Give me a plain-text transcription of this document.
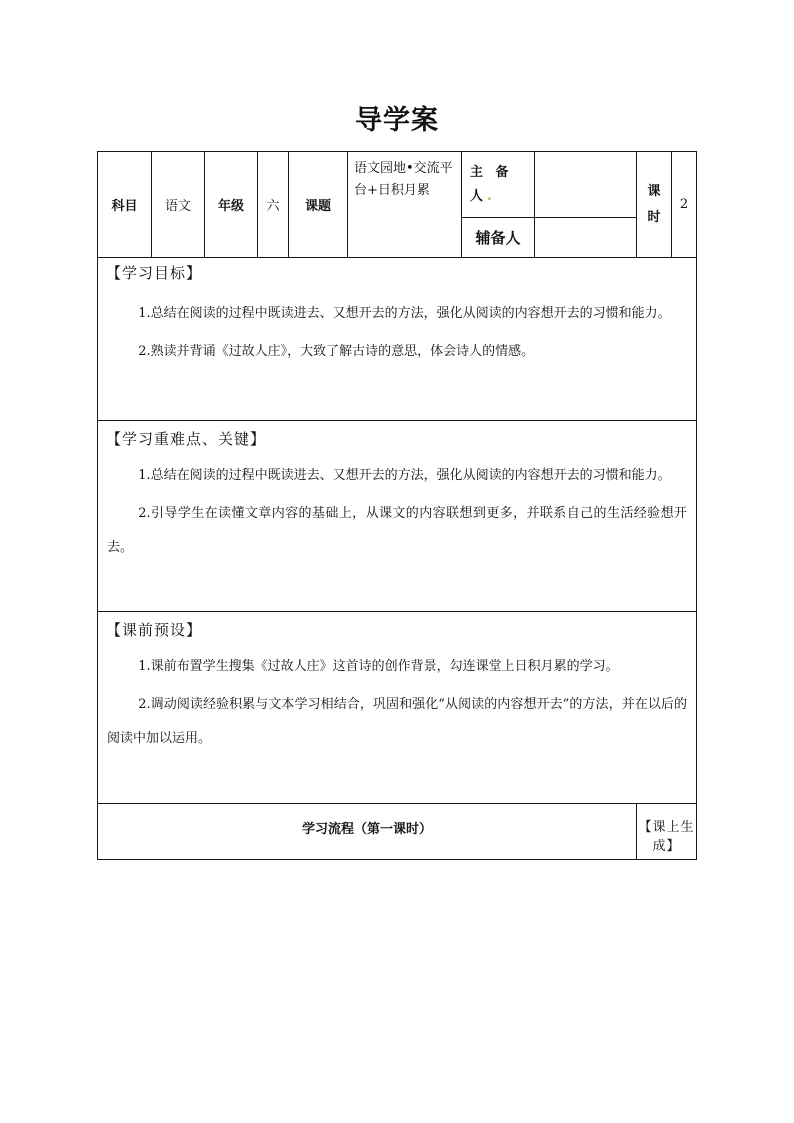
导学案
科目	语文	年级	六	课题	语文园地•交流平台+日积月累	主 备 人.		课时	2
						辅备人			

【学习目标】

1.总结在阅读的过程中既读进去、又想开去的方法，强化从阅读的内容想开去的习惯和能力。

2.熟读并背诵《过故人庄》，大致了解古诗的意思，体会诗人的情感。									

【学习重难点、关键】

1.总结在阅读的过程中既读进去、又想开去的方法，强化从阅读的内容想开去的习惯和能力。

2.引导学生在读懂文章内容的基础上，从课文的内容联想到更多，并联系自己的生活经验想开去。									

【课前预设】

1.课前布置学生搜集《过故人庄》这首诗的创作背景，勾连课堂上日积月累的学习。

2.调动阅读经验积累与文本学习相结合，巩固和强化“从阅读的内容想开去”的方法，并在以后的阅读中加以运用。									

学习流程（第一课时）								【课上生成】	
